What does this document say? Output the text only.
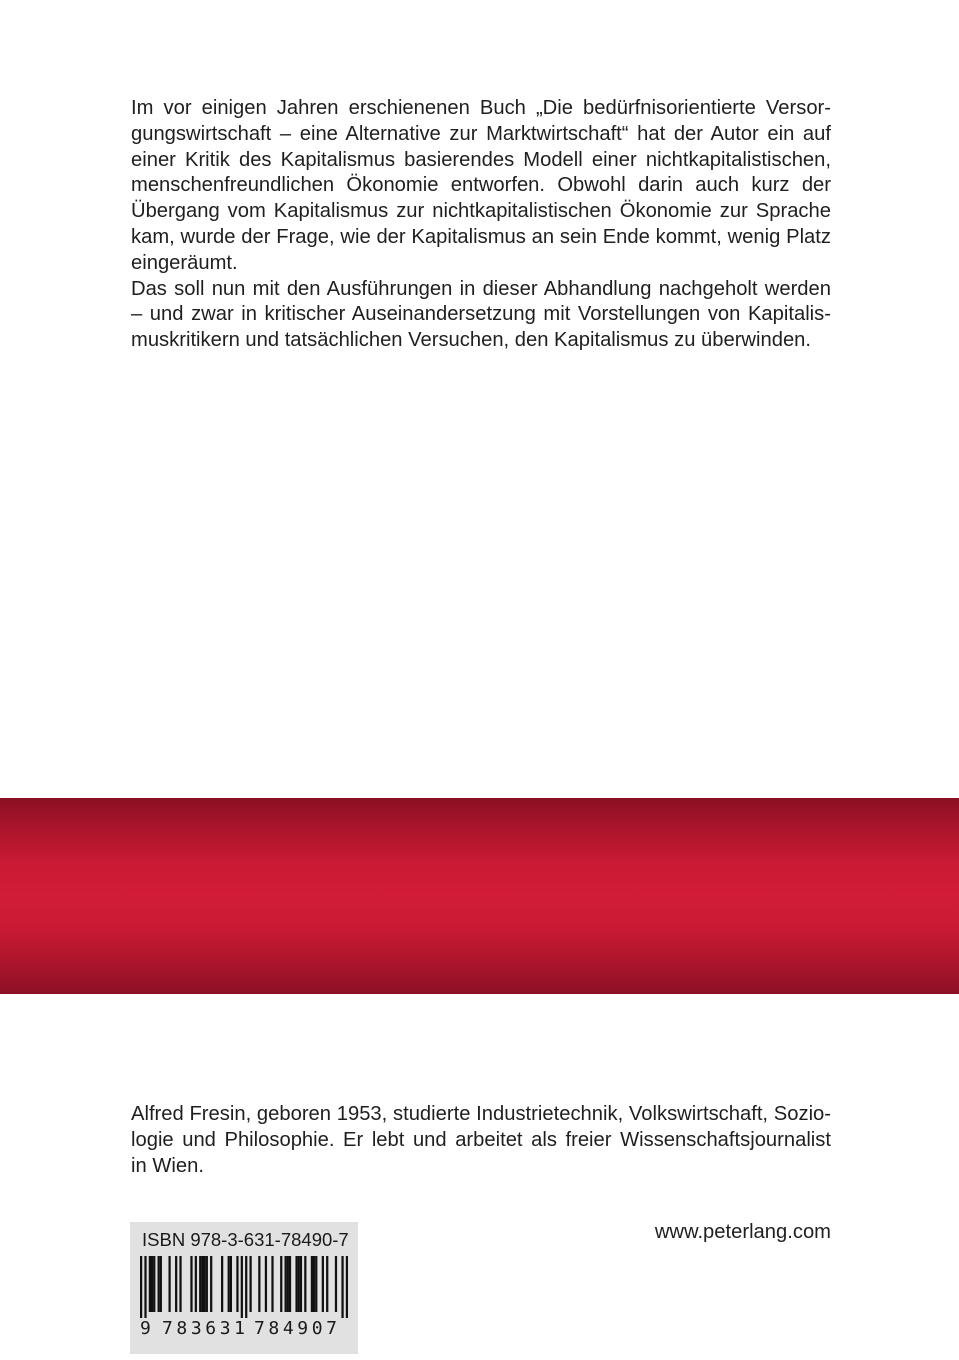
Im vor einigen Jahren erschienenen Buch „Die bedürfnisorientierte Versor-
gungswirtschaft – eine Alternative zur Marktwirtschaft“ hat der Autor ein auf
einer Kritik des Kapitalismus basierendes Modell einer nichtkapitalistischen,
menschenfreundlichen Ökonomie entworfen. Obwohl darin auch kurz der
Übergang vom Kapitalismus zur nichtkapitalistischen Ökonomie zur Sprache
kam, wurde der Frage, wie der Kapitalismus an sein Ende kommt, wenig Platz
eingeräumt.

Das soll nun mit den Ausführungen in dieser Abhandlung nachgeholt werden
– und zwar in kritischer Auseinandersetzung mit Vorstellungen von Kapitalis-
muskritikern und tatsächlichen Versuchen, den Kapitalismus zu überwinden.

Alfred Fresin, geboren 1953, studierte Industrietechnik, Volkswirtschaft, Sozio-
logie und Philosophie. Er lebt und arbeitet als freier Wissenschaftsjournalist
in Wien.
www.peterlang.com
ISBN 978-3-631-78490-7
9 783631 784907
